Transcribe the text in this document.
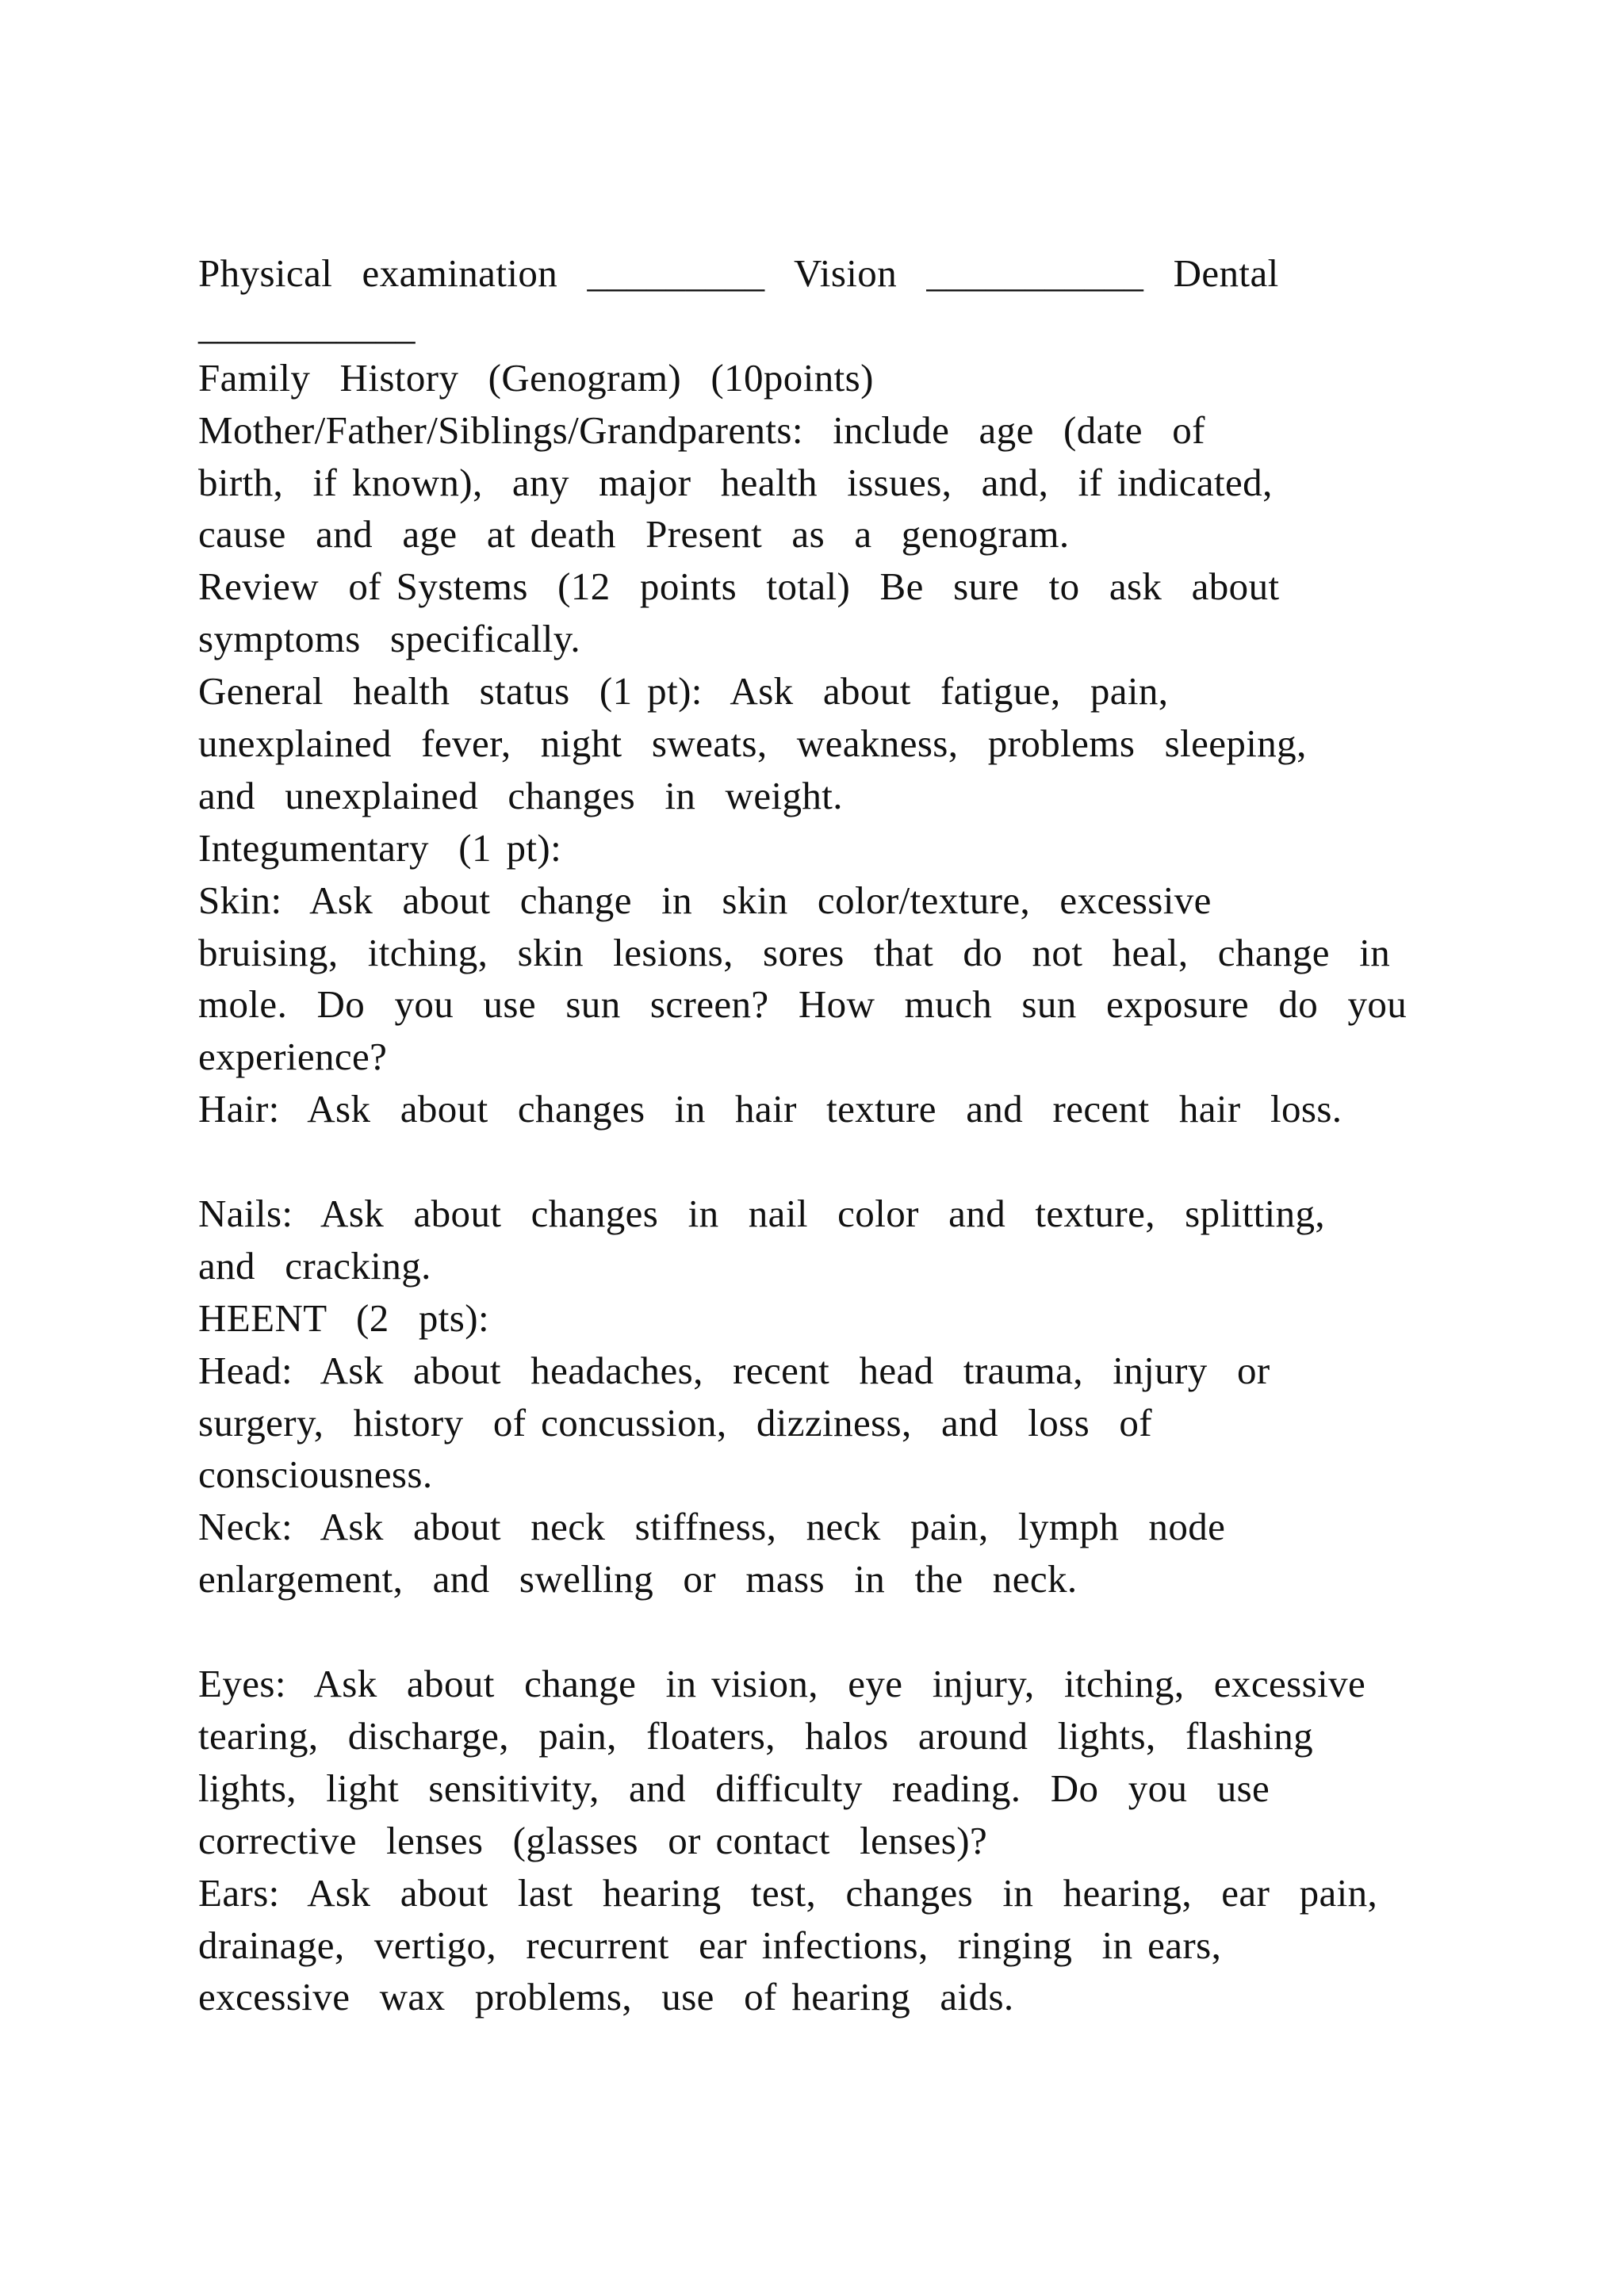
Physical  examination  _________  Vision  ___________  Dental
___________
Family  History  (Genogram)  (10points)
Mother/Father/Siblings/Grandparents:  include  age  (date  of
birth,  if known),  any  major  health  issues,  and,  if indicated,
cause  and  age  at death  Present  as  a  genogram.
Review  of Systems  (12  points  total)  Be  sure  to  ask  about
symptoms  specifically.
General  health  status  (1 pt):  Ask  about  fatigue,  pain,
unexplained  fever,  night  sweats,  weakness,  problems  sleeping,
and  unexplained  changes  in  weight.
Integumentary  (1 pt):
Skin:  Ask  about  change  in  skin  color/texture,  excessive
bruising,  itching,  skin  lesions,  sores  that  do  not  heal,  change  in
mole.  Do  you  use  sun  screen?  How  much  sun  exposure  do  you
experience?
Hair:  Ask  about  changes  in  hair  texture  and  recent  hair  loss.
Nails:  Ask  about  changes  in  nail  color  and  texture,  splitting,
and  cracking.
HEENT  (2  pts):
Head:  Ask  about  headaches,  recent  head  trauma,  injury  or
surgery,  history  of concussion,  dizziness,  and  loss  of
consciousness.
Neck:  Ask  about  neck  stiffness,  neck  pain,  lymph  node
enlargement,  and  swelling  or  mass  in  the  neck.
Eyes:  Ask  about  change  in vision,  eye  injury,  itching,  excessive
tearing,  discharge,  pain,  floaters,  halos  around  lights,  flashing
lights,  light  sensitivity,  and  difficulty  reading.  Do  you  use
corrective  lenses  (glasses  or contact  lenses)?
Ears:  Ask  about  last  hearing  test,  changes  in  hearing,  ear  pain,
drainage,  vertigo,  recurrent  ear infections,  ringing  in ears,
excessive  wax  problems,  use  of hearing  aids.
